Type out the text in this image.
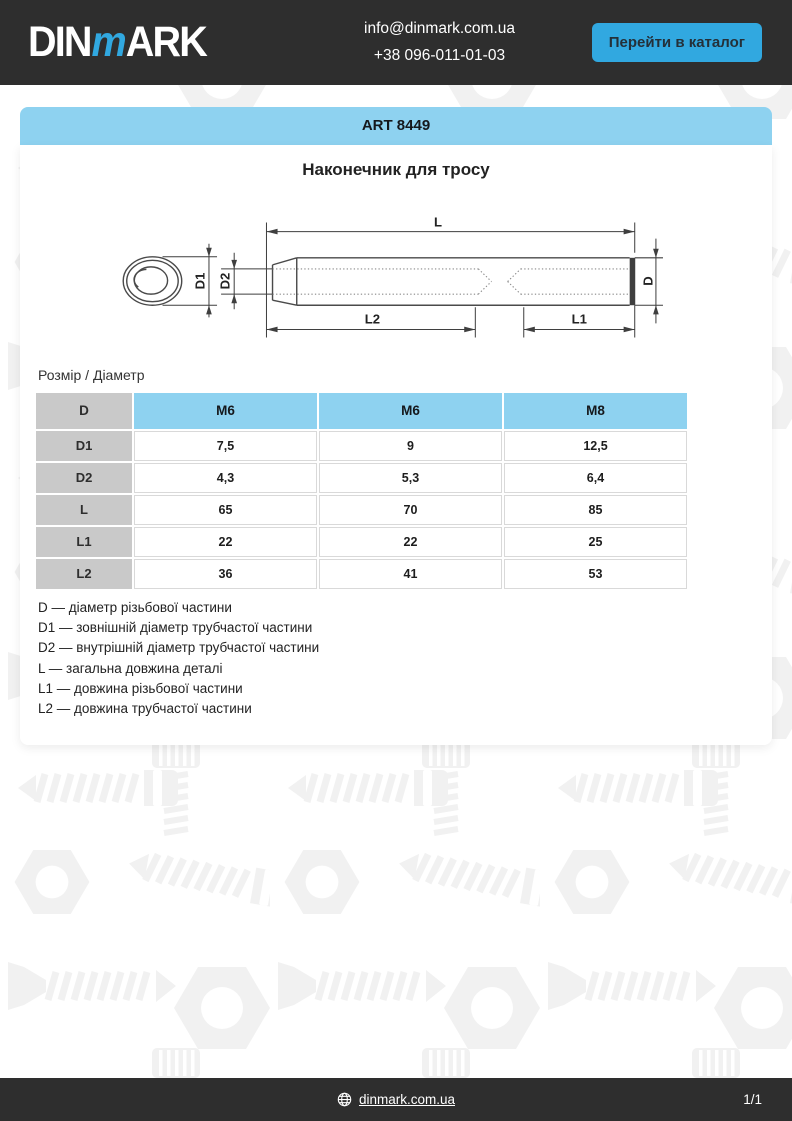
DINmARK	info@dinmark.com.ua
+38 096-011-01-03
Перейти в каталог
ART 8449
Наконечник для тросу
L
L2	L1
D1 D2	D
Розмір / Діаметр
D	M6	M6	M8
D1	7,5	9	12,5
D2	4,3	5,3	6,4
L	65	70	85
L1	22	22	25
L2	36	41	53
D — діаметр різьбової частини
D1 — зовнішній діаметр трубчастої частини
D2 — внутрішній діаметр трубчастої частини
L — загальна довжина деталі
L1 — довжина різьбової частини
L2 — довжина трубчастої частини
dinmark.com.ua	1/1
